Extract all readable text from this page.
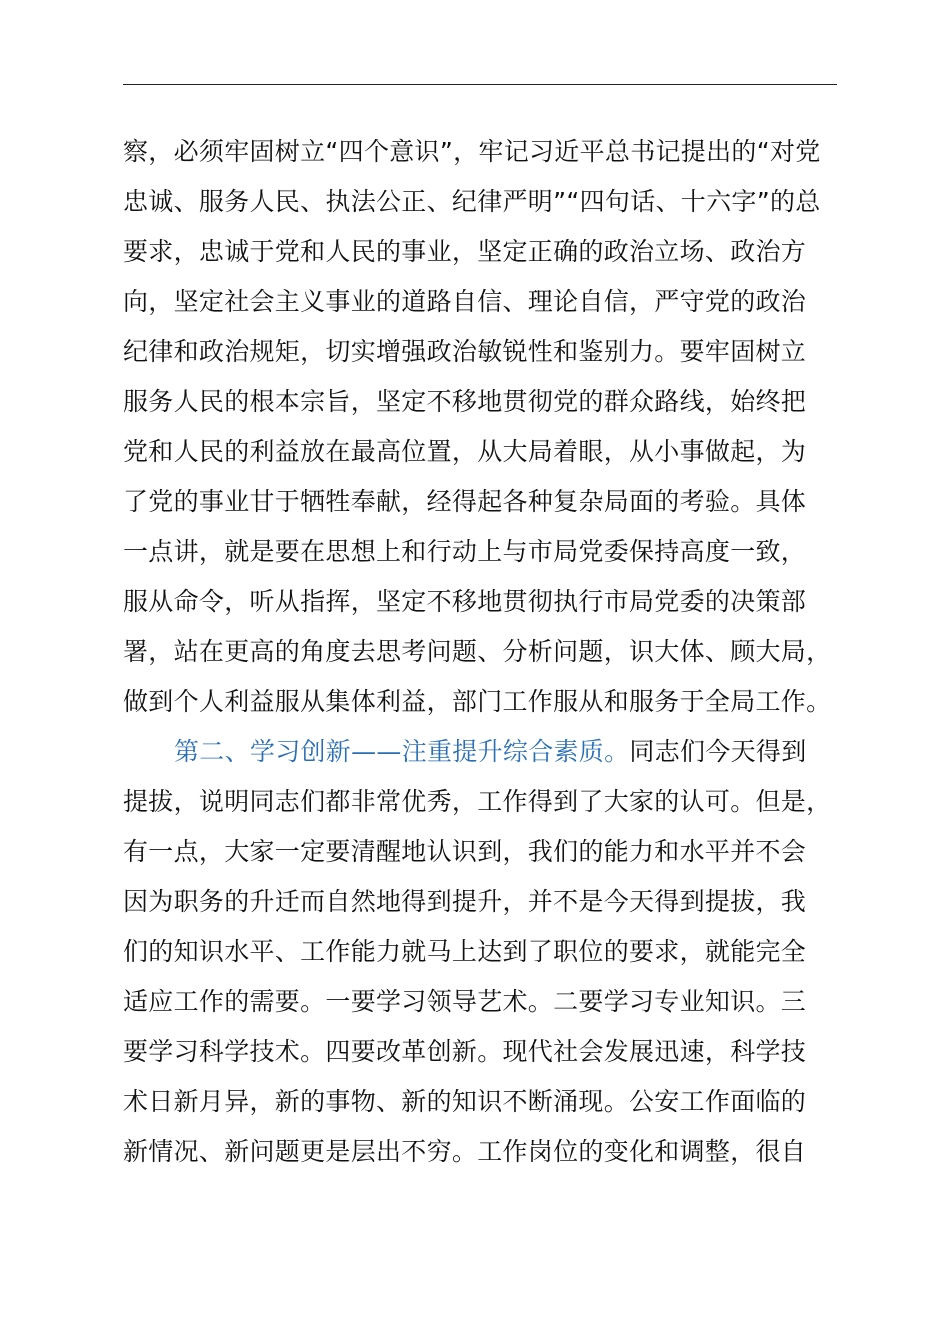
察，必须牢固树立“四个意识”，牢记习近平总书记提出的“对党
忠诚、服务人民、执法公正、纪律严明”“四句话、十六字”的总
要求，忠诚于党和人民的事业，坚定正确的政治立场、政治方
向，坚定社会主义事业的道路自信、理论自信，严守党的政治
纪律和政治规矩，切实增强政治敏锐性和鉴别力。要牢固树立
服务人民的根本宗旨，坚定不移地贯彻党的群众路线，始终把
党和人民的利益放在最高位置，从大局着眼，从小事做起，为
了党的事业甘于牺牲奉献，经得起各种复杂局面的考验。具体
一点讲，就是要在思想上和行动上与市局党委保持高度一致，
服从命令，听从指挥，坚定不移地贯彻执行市局党委的决策部
署，站在更高的角度去思考问题、分析问题，识大体、顾大局，
做到个人利益服从集体利益，部门工作服从和服务于全局工作。
第二、学习创新——注重提升综合素质。同志们今天得到
提拔，说明同志们都非常优秀，工作得到了大家的认可。但是，
有一点，大家一定要清醒地认识到，我们的能力和水平并不会
因为职务的升迁而自然地得到提升，并不是今天得到提拔，我
们的知识水平、工作能力就马上达到了职位的要求，就能完全
适应工作的需要。一要学习领导艺术。二要学习专业知识。三
要学习科学技术。四要改革创新。现代社会发展迅速，科学技
术日新月异，新的事物、新的知识不断涌现。公安工作面临的
新情况、新问题更是层出不穷。工作岗位的变化和调整，很自
